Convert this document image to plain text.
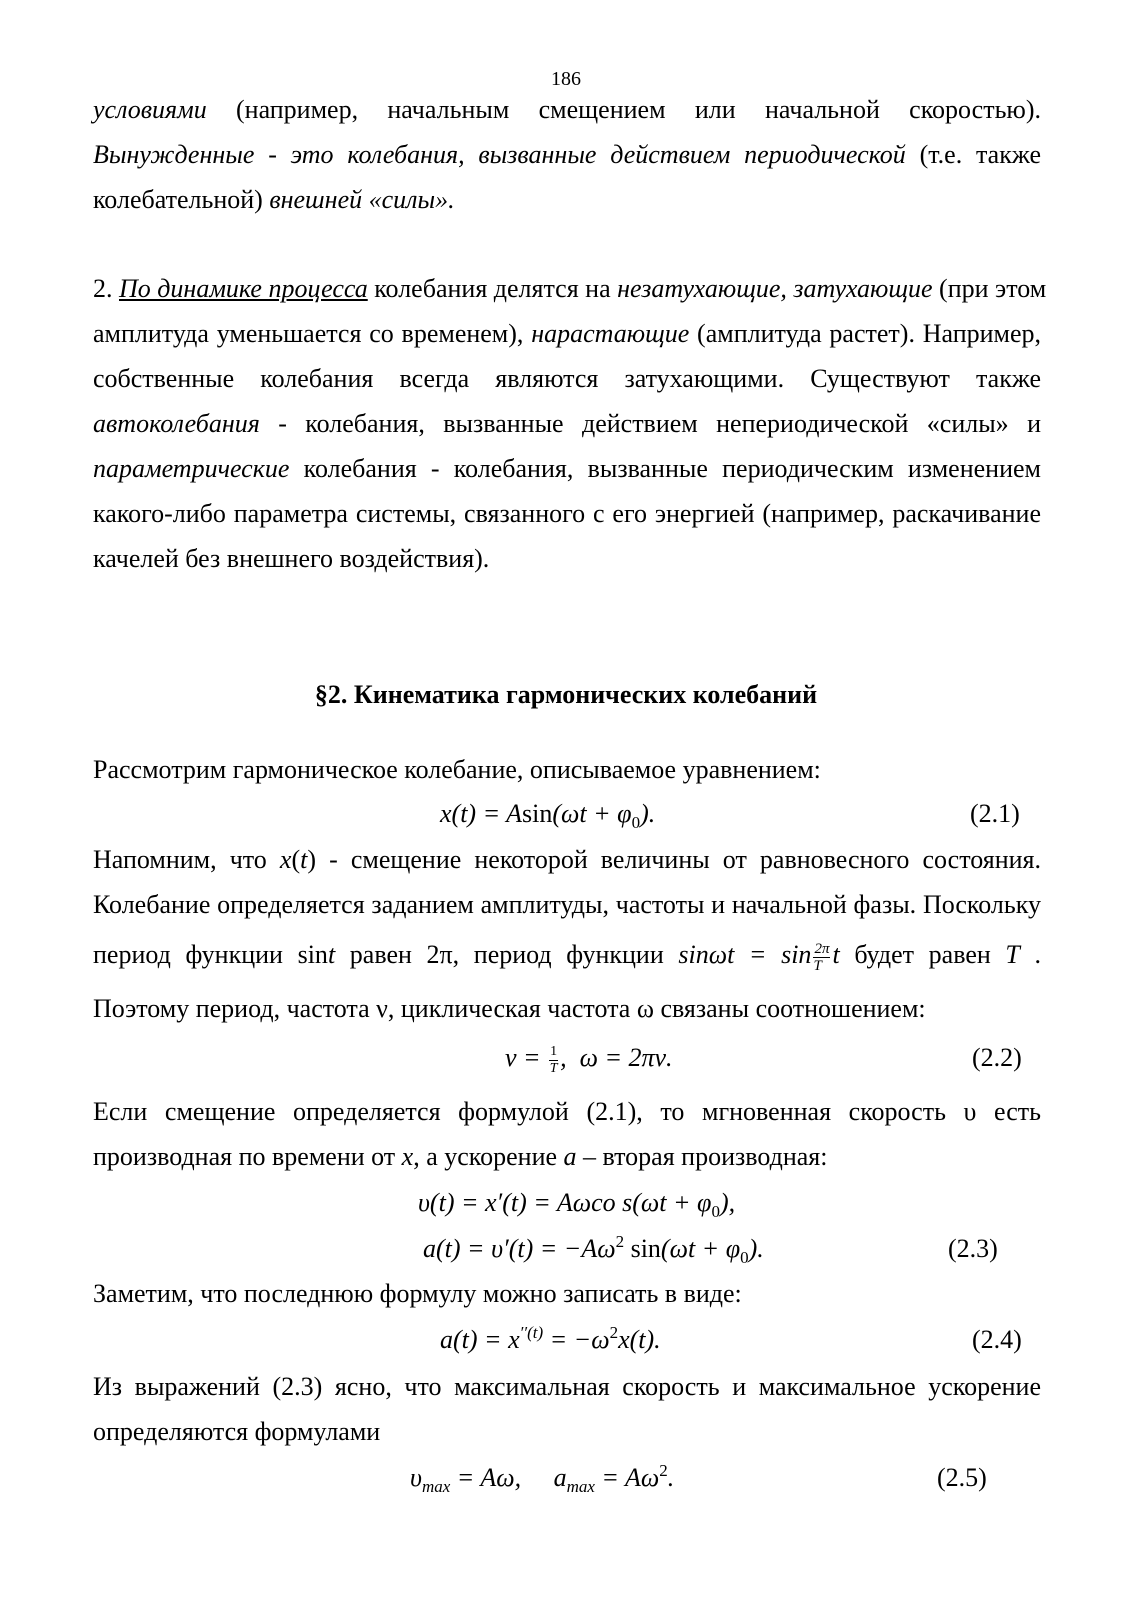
186
условиями (например, начальным смещением или начальной скоростью).
Вынужденные - это колебания, вызванные действием периодической (т.е. также
колебательной) внешней «силы».
2. По динамике процесса колебания делятся на незатухающие, затухающие (при этом
амплитуда уменьшается со временем), нарастающие (амплитуда растет). Например,
собственные колебания всегда являются затухающими. Существуют также
автоколебания - колебания, вызванные действием непериодической «силы» и
параметрические колебания - колебания, вызванные периодическим изменением
какого-либо параметра системы, связанного с его энергией (например, раскачивание
качелей без внешнего воздействия).
§2. Кинематика гармонических колебаний
Рассмотрим гармоническое колебание, описываемое уравнением:
$x(t) = Asin(\omega t + \varphi_0)$.	(2.1)
Напомним, что x(t) - смещение некоторой величины от равновесного состояния.
Колебание определяется заданием амплитуды, частоты и начальной фазы. Поскольку
период функции sint равен 2π, период функции $\sin\omega t = \sin \frac{2\pi}{T}$ t будет равен T .
Поэтому период, частота ν, циклическая частота ω связаны соотношением:
$\nu = \frac{1}{T}$ ,  ω = 2πν.	(2.2)
Если смещение определяется формулой (2.1), то мгновенная скорость υ есть
производная по времени от x, а ускорение a – вторая производная:
υ(t) = x′(t) = Aωco $s(\omega t + \varphi_0)$,
$a(t) = \upsilon'(t) = -A\omega^2$ $\sin(\omega t + \varphi_0)$.	(2.3)
Заметим, что последнюю формулу можно записать в виде:
$a(t) = x^{''(t)} = -\omega^2x(t)$.	(2.4)
Из выражений (2.3) ясно, что максимальная скорость и максимальное ускорение
определяются формулами
$\upsilon_{max} = A\omega$,     $a_{max} = A\omega^2$.	(2.5)
